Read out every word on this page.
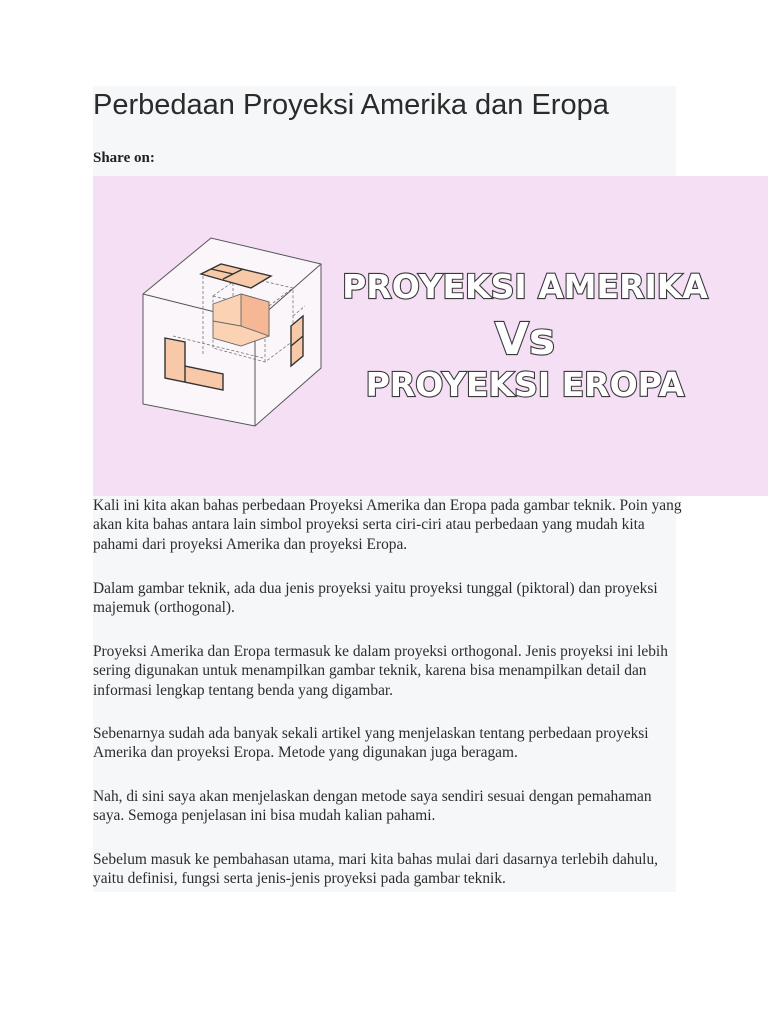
Perbedaan Proyeksi Amerika dan Eropa
Share on:
PROYEKSI AMERIKA
Vs
PROYEKSI EROPA

Kali ini kita akan bahas perbedaan Proyeksi Amerika dan Eropa pada gambar teknik. Poin yang akan kita bahas antara lain simbol proyeksi serta ciri-ciri atau perbedaan yang mudah kita pahami dari proyeksi Amerika dan proyeksi Eropa.

Dalam gambar teknik, ada dua jenis proyeksi yaitu proyeksi tunggal (piktoral) dan proyeksi majemuk (orthogonal).

Proyeksi Amerika dan Eropa termasuk ke dalam proyeksi orthogonal. Jenis proyeksi ini lebih sering digunakan untuk menampilkan gambar teknik, karena bisa menampilkan detail dan informasi lengkap tentang benda yang digambar.

Sebenarnya sudah ada banyak sekali artikel yang menjelaskan tentang perbedaan proyeksi Amerika dan proyeksi Eropa. Metode yang digunakan juga beragam.

Nah, di sini saya akan menjelaskan dengan metode saya sendiri sesuai dengan pemahaman saya. Semoga penjelasan ini bisa mudah kalian pahami.

Sebelum masuk ke pembahasan utama, mari kita bahas mulai dari dasarnya terlebih dahulu, yaitu definisi, fungsi serta jenis-jenis proyeksi pada gambar teknik.
